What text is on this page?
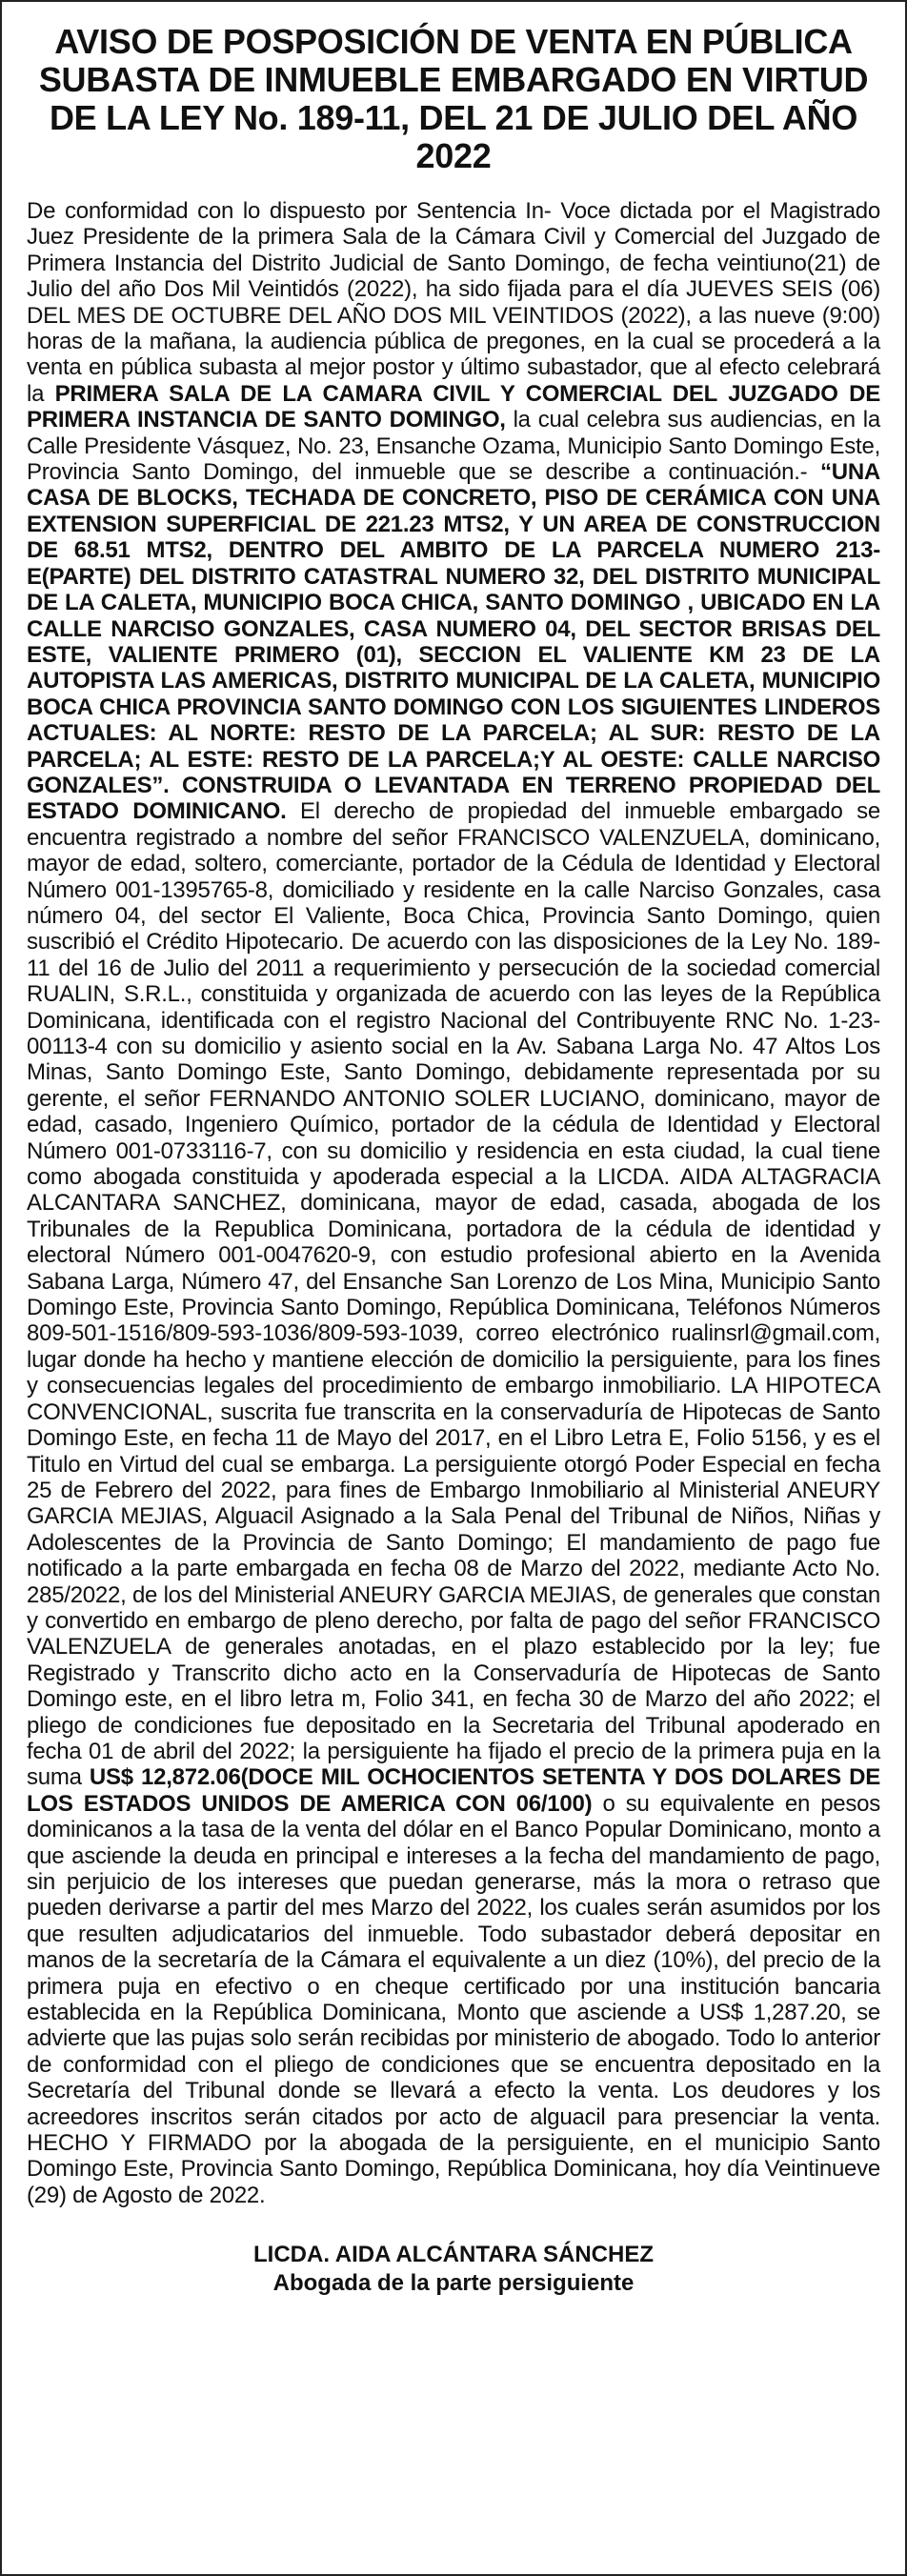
AVISO DE POSPOSICIÓN DE VENTA EN PÚBLICA SUBASTA DE INMUEBLE EMBARGADO EN VIRTUD DE LA LEY No. 189-11, DEL 21 DE JULIO DEL AÑO 2022

De conformidad con lo dispuesto por Sentencia In- Voce dictada por el Magistrado Juez Presidente de la primera Sala de la Cámara Civil y Comercial del Juzgado de Primera Instancia del Distrito Judicial de Santo Domingo, de fecha veintiuno(21) de Julio del año Dos Mil Veintidós (2022), ha sido fijada para el día JUEVES SEIS (06) DEL MES DE OCTUBRE DEL AÑO DOS MIL VEINTIDOS (2022), a las nueve (9:00) horas de la mañana, la audiencia pública de pregones, en la cual se procederá a la venta en pública subasta al mejor postor y último subastador, que al efecto celebrará la PRIMERA SALA DE LA CAMARA CIVIL Y COMERCIAL DEL JUZGADO DE PRIMERA INSTANCIA DE SANTO DOMINGO, la cual celebra sus audiencias, en la Calle Presidente Vásquez, No. 23, Ensanche Ozama, Municipio Santo Domingo Este, Provincia Santo Domingo, del inmueble que se describe a continuación.- “UNA CASA DE BLOCKS, TECHADA DE CONCRETO, PISO DE CERÁMICA CON UNA EXTENSION SUPERFICIAL DE 221.23 MTS2, Y UN AREA DE CONSTRUCCION DE 68.51 MTS2, DENTRO DEL AMBITO DE LA PARCELA NUMERO 213-E(PARTE) DEL DISTRITO CATASTRAL NUMERO 32, DEL DISTRITO MUNICIPAL DE LA CALETA, MUNICIPIO BOCA CHICA, SANTO DOMINGO , UBICADO EN LA CALLE NARCISO GONZALES, CASA NUMERO 04, DEL SECTOR BRISAS DEL ESTE, VALIENTE PRIMERO (01), SECCION EL VALIENTE KM 23 DE LA AUTOPISTA LAS AMERICAS, DISTRITO MUNICIPAL DE LA CALETA, MUNICIPIO BOCA CHICA PROVINCIA SANTO DOMINGO CON LOS SIGUIENTES LINDEROS ACTUALES: AL NORTE: RESTO DE LA PARCELA; AL SUR: RESTO DE LA PARCELA; AL ESTE: RESTO DE LA PARCELA;Y AL OESTE: CALLE NARCISO GONZALES”. CONSTRUIDA O LEVANTADA EN TERRENO PROPIEDAD DEL ESTADO DOMINICANO. El derecho de propiedad del inmueble embargado se encuentra registrado a nombre del señor FRANCISCO VALENZUELA, dominicano, mayor de edad, soltero, comerciante, portador de la Cédula de Identidad y Electoral Número 001-1395765-8, domiciliado y residente en la calle Narciso Gonzales, casa número 04, del sector El Valiente, Boca Chica, Provincia Santo Domingo, quien suscribió el Crédito Hipotecario. De acuerdo con las disposiciones de la Ley No. 189-11 del 16 de Julio del 2011 a requerimiento y persecución de la sociedad comercial RUALIN, S.R.L., constituida y organizada de acuerdo con las leyes de la República Dominicana, identificada con el registro Nacional del Contribuyente RNC No. 1-23-00113-4 con su domicilio y asiento social en la Av. Sabana Larga No. 47 Altos Los Minas, Santo Domingo Este, Santo Domingo, debidamente representada por su gerente, el señor FERNANDO ANTONIO SOLER LUCIANO, dominicano, mayor de edad, casado, Ingeniero Químico, portador de la cédula de Identidad y Electoral Número 001-0733116-7, con su domicilio y residencia en esta ciudad, la cual tiene como abogada constituida y apoderada especial a la LICDA. AIDA ALTAGRACIA ALCANTARA SANCHEZ, dominicana, mayor de edad, casada, abogada de los Tribunales de la Republica Dominicana, portadora de la cédula de identidad y electoral Número 001-0047620-9, con estudio profesional abierto en la Avenida Sabana Larga, Número 47, del Ensanche San Lorenzo de Los Mina, Municipio Santo Domingo Este, Provincia Santo Domingo, República Dominicana, Teléfonos Números 809-501-1516/809-593-1036/809-593-1039, correo electrónico rualinsrl@gmail.com, lugar donde ha hecho y mantiene elección de domicilio la persiguiente, para los fines y consecuencias legales del procedimiento de embargo inmobiliario. LA HIPOTECA CONVENCIONAL, suscrita fue transcrita en la conservaduría de Hipotecas de Santo Domingo Este, en fecha 11 de Mayo del 2017, en el Libro Letra E, Folio 5156, y es el Titulo en Virtud del cual se embarga. La persiguiente otorgó Poder Especial en fecha 25 de Febrero del 2022, para fines de Embargo Inmobiliario al Ministerial ANEURY GARCIA MEJIAS, Alguacil Asignado a la Sala Penal del Tribunal de Niños, Niñas y Adolescentes de la Provincia de Santo Domingo; El mandamiento de pago fue notificado a la parte embargada en fecha 08 de Marzo del 2022, mediante Acto No. 285/2022, de los del Ministerial ANEURY GARCIA MEJIAS, de generales que constan y convertido en embargo de pleno derecho, por falta de pago del señor FRANCISCO VALENZUELA de generales anotadas, en el plazo establecido por la ley; fue Registrado y Transcrito dicho acto en la Conservaduría de Hipotecas de Santo Domingo este, en el libro letra m, Folio 341, en fecha 30 de Marzo del año 2022; el pliego de condiciones fue depositado en la Secretaria del Tribunal apoderado en fecha 01 de abril del 2022; la persiguiente ha fijado el precio de la primera puja en la suma US$ 12,872.06(DOCE MIL OCHOCIENTOS SETENTA Y DOS DOLARES DE LOS ESTADOS UNIDOS DE AMERICA CON 06/100) o su equivalente en pesos dominicanos a la tasa de la venta del dólar en el Banco Popular Dominicano, monto a que asciende la deuda en principal e intereses a la fecha del mandamiento de pago, sin perjuicio de los intereses que puedan generarse, más la mora o retraso que pueden derivarse a partir del mes Marzo del 2022, los cuales serán asumidos por los que resulten adjudicatarios del inmueble. Todo subastador deberá depositar en manos de la secretaría de la Cámara el equivalente a un diez (10%), del precio de la primera puja en efectivo o en cheque certificado por una institución bancaria establecida en la República Dominicana, Monto que asciende a US$ 1,287.20, se advierte que las pujas solo serán recibidas por ministerio de abogado. Todo lo anterior de conformidad con el pliego de condiciones que se encuentra depositado en la Secretaría del Tribunal donde se llevará a efecto la venta. Los deudores y los acreedores inscritos serán citados por acto de alguacil para presenciar la venta. HECHO Y FIRMADO por la abogada de la persiguiente, en el municipio Santo Domingo Este, Provincia Santo Domingo, República Dominicana, hoy día Veintinueve (29) de Agosto de 2022.

LICDA. AIDA ALCÁNTARA SÁNCHEZ
Abogada de la parte persiguiente
